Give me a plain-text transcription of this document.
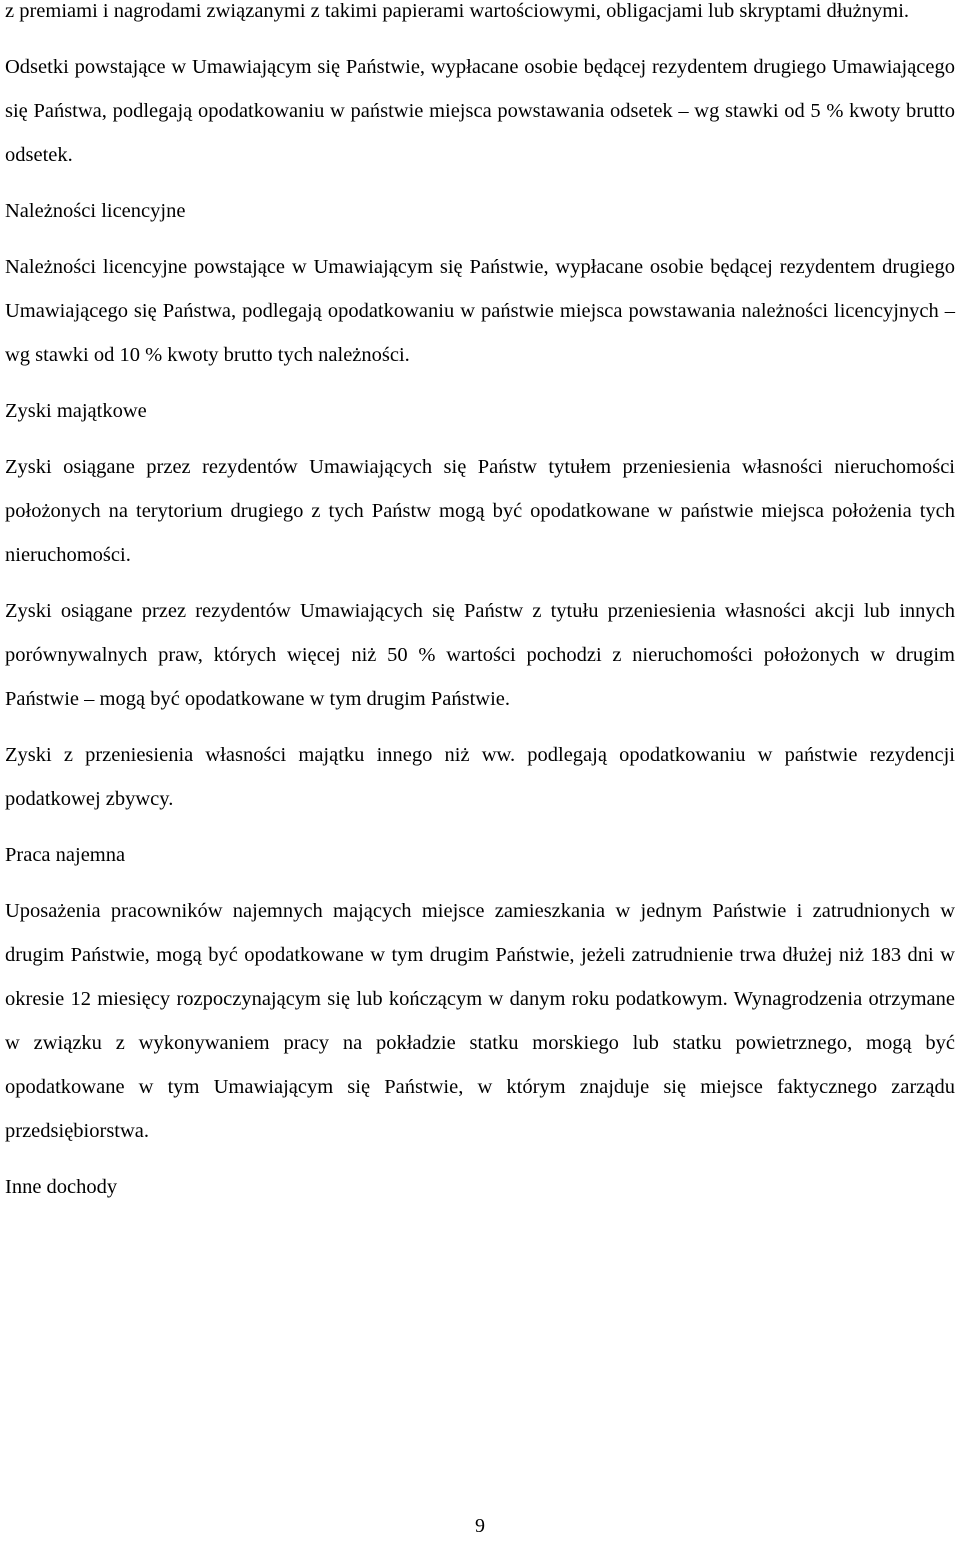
z premiami i nagrodami związanymi z takimi papierami wartościowymi, obligacjami lub skryptami dłużnymi.

Odsetki powstające w Umawiającym się Państwie, wypłacane osobie będącej rezydentem drugiego Umawiającego się Państwa, podlegają opodatkowaniu w państwie miejsca powstawania odsetek – wg stawki od 5 % kwoty brutto odsetek.

Należności licencyjne

Należności licencyjne powstające w Umawiającym się Państwie, wypłacane osobie będącej rezydentem drugiego Umawiającego się Państwa, podlegają opodatkowaniu w państwie miejsca powstawania należności licencyjnych – wg stawki od 10 % kwoty brutto tych należności.

Zyski majątkowe

Zyski osiągane przez rezydentów Umawiających się Państw tytułem przeniesienia własności nieruchomości położonych na terytorium drugiego z tych Państw mogą być opodatkowane w państwie miejsca położenia tych nieruchomości.

Zyski osiągane przez rezydentów Umawiających się Państw z tytułu przeniesienia własności akcji lub innych porównywalnych praw, których więcej niż 50 % wartości pochodzi z nieruchomości położonych w drugim Państwie – mogą być opodatkowane w tym drugim Państwie.

Zyski z przeniesienia własności majątku innego niż ww. podlegają opodatkowaniu w państwie rezydencji podatkowej zbywcy.

Praca najemna

Uposażenia pracowników najemnych mających miejsce zamieszkania w jednym Państwie i zatrudnionych w drugim Państwie, mogą być opodatkowane w tym drugim Państwie, jeżeli zatrudnienie trwa dłużej niż 183 dni w okresie 12 miesięcy rozpoczynającym się lub kończącym w danym roku podatkowym. Wynagrodzenia otrzymane w związku z wykonywaniem pracy na pokładzie statku morskiego lub statku powietrznego, mogą być opodatkowane w tym Umawiającym się Państwie, w którym znajduje się miejsce faktycznego zarządu przedsiębiorstwa.

Inne dochody

9
